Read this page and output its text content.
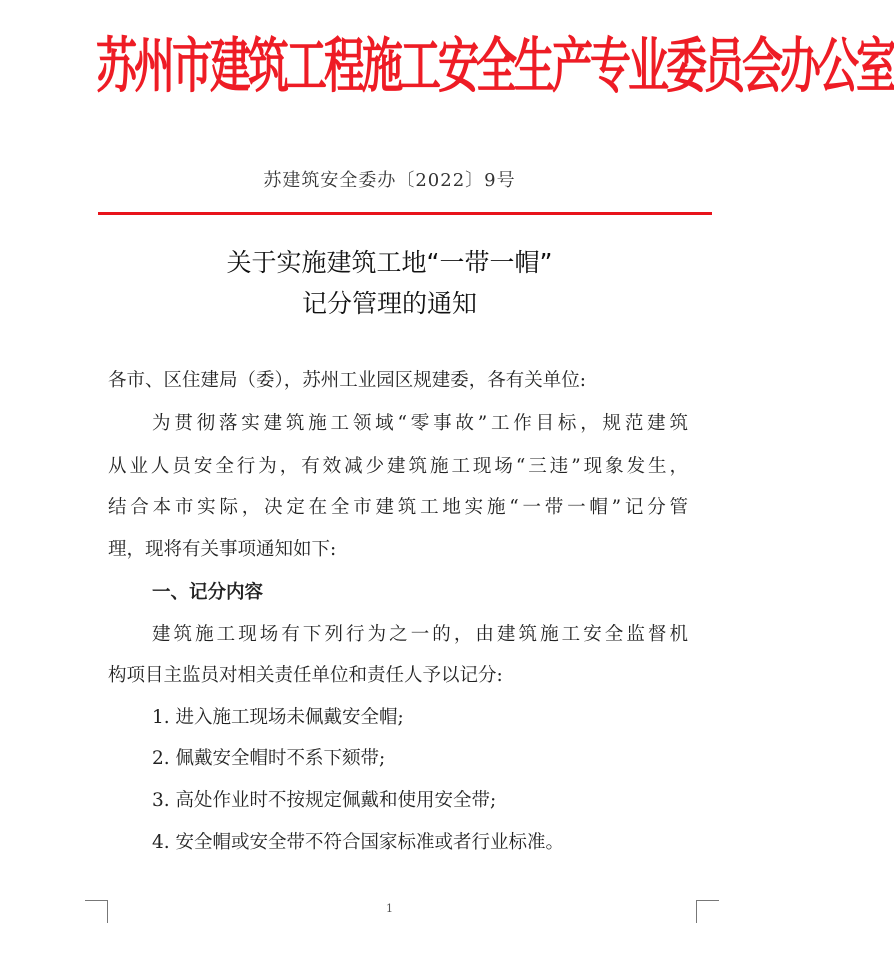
苏州市建筑工程施工安全生产专业委员会办公室
苏建筑安全委办〔2022〕9号
关于实施建筑工地“一带一帽”
记分管理的通知
各市、区住建局（委），苏州工业园区规建委，各有关单位:
为贯彻落实建筑施工领域“零事故”工作目标，规范建筑
从业人员安全行为，有效减少建筑施工现场“三违”现象发生，
结合本市实际，决定在全市建筑工地实施“一带一帽”记分管
理，现将有关事项通知如下:
一、记分内容
建筑施工现场有下列行为之一的，由建筑施工安全监督机
构项目主监员对相关责任单位和责任人予以记分:
1. 进入施工现场未佩戴安全帽;
2. 佩戴安全帽时不系下颏带;
3. 高处作业时不按规定佩戴和使用安全带;
4. 安全帽或安全带不符合国家标准或者行业标准。
1
